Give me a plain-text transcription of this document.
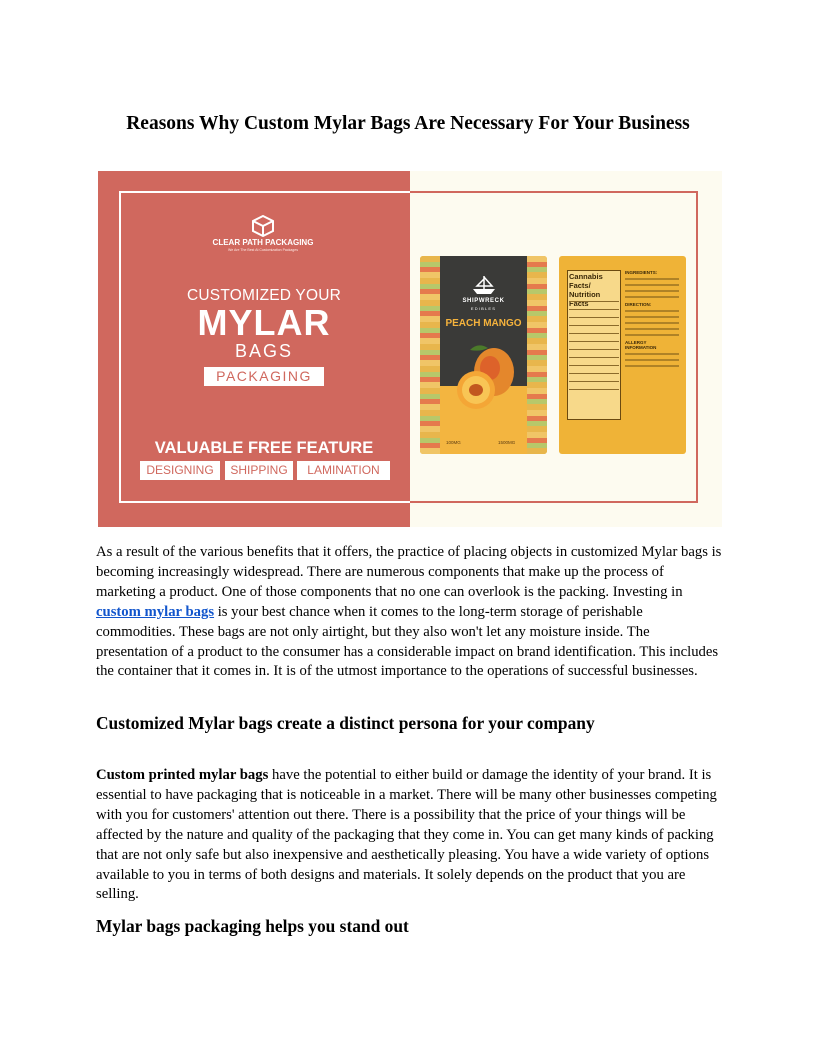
Reasons Why Custom Mylar Bags Are Necessary For Your Business
CLEAR PATH PACKAGING
We Are The Best At Customization Packages
CUSTOMIZED YOUR
MYLAR
BAGS
PACKAGING
VALUABLE FREE FEATURE
DESIGNING	SHIPPING	LAMINATION
SHIPWRECK
EDIBLES
PEACH MANGO
100MG	1500MG
Cannabis Facts/ Nutrition Facts
INGREDIENTS:
DIRECTION:
ALLERGY INFORMATION

As a result of the various benefits that it offers, the practice of placing objects in customized Mylar bags is becoming increasingly widespread. There are numerous components that make up the process of marketing a product. One of those components that no one can overlook is the packing. Investing in custom mylar bags is your best chance when it comes to the long-term storage of perishable commodities. These bags are not only airtight, but they also won't let any moisture inside. The presentation of a product to the consumer has a considerable impact on brand identification. This includes the container that it comes in. It is of the utmost importance to the operations of successful businesses.

Customized Mylar bags create a distinct persona for your company

Custom printed mylar bags have the potential to either build or damage the identity of your brand. It is essential to have packaging that is noticeable in a market. There will be many other businesses competing with you for customers' attention out there. There is a possibility that the price of your things will be affected by the nature and quality of the packaging that they come in. You can get many kinds of packing that are not only safe but also inexpensive and aesthetically pleasing. You have a wide variety of options available to you in terms of both designs and materials. It solely depends on the product that you are selling.

Mylar bags packaging helps you stand out
